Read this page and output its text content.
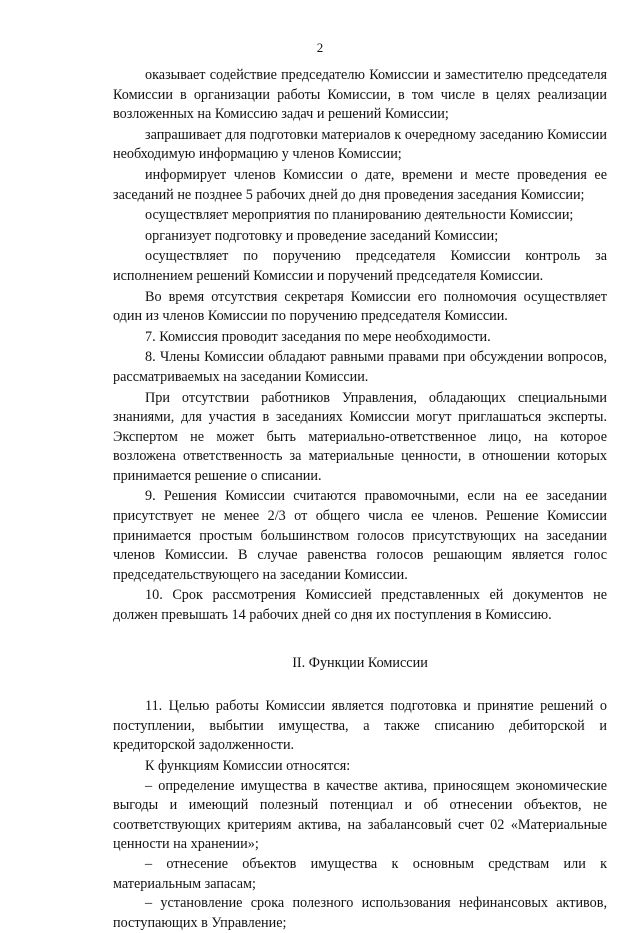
2

оказывает содействие председателю Комиссии и заместителю председателя Комиссии в организации работы Комиссии, в том числе в целях реализации возложенных на Комиссию задач и решений Комиссии;

запрашивает для подготовки материалов к очередному заседанию Комиссии необходимую информацию у членов Комиссии;

информирует членов Комиссии о дате, времени и месте проведения ее заседаний не позднее 5 рабочих дней до дня проведения заседания Комиссии;

осуществляет мероприятия по планированию деятельности Комиссии;

организует подготовку и проведение заседаний Комиссии;

осуществляет по поручению председателя Комиссии контроль за исполнением решений Комиссии и поручений председателя Комиссии.

Во время отсутствия секретаря Комиссии его полномочия осуществляет один из членов Комиссии по поручению председателя Комиссии.

7. Комиссия проводит заседания по мере необходимости.

8. Члены Комиссии обладают равными правами при обсуждении вопросов, рассматриваемых на заседании Комиссии.

При отсутствии работников Управления, обладающих специальными знаниями, для участия в заседаниях Комиссии могут приглашаться эксперты. Экспертом не может быть материально-ответственное лицо, на которое возложена ответственность за материальные ценности, в отношении которых принимается решение о списании.

9. Решения Комиссии считаются правомочными, если на ее заседании присутствует не менее 2/3 от общего числа ее членов. Решение Комиссии принимается простым большинством голосов присутствующих на заседании членов Комиссии. В случае равенства голосов решающим является голос председательствующего на заседании Комиссии.

10. Срок рассмотрения Комиссией представленных ей документов не должен превышать 14 рабочих дней со дня их поступления в Комиссию.

II. Функции Комиссии

11. Целью работы Комиссии является подготовка и принятие решений о поступлении, выбытии имущества, а также списанию дебиторской и кредиторской задолженности.

К функциям Комиссии относятся:

– определение имущества в качестве актива, приносящем экономические выгоды и имеющий полезный потенциал и об отнесении объектов, не соответствующих критериям актива, на забалансовый счет 02 «Материальные ценности на хранении»;

– отнесение объектов имущества к основным средствам или к материальным запасам;

– установление срока полезного использования нефинансовых активов, поступающих в Управление;
